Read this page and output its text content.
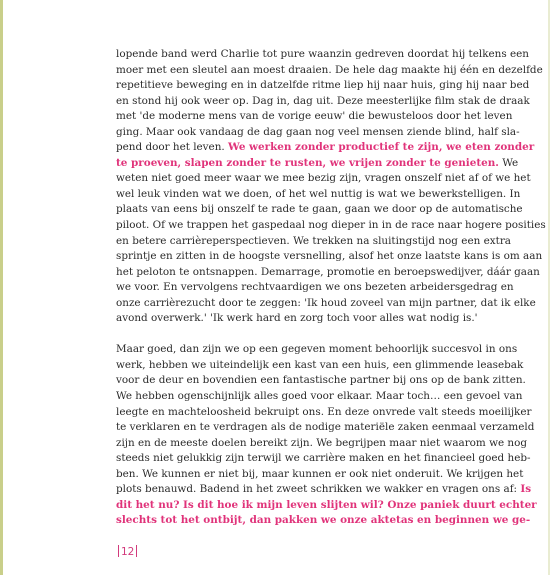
lopende band werd Charlie tot pure waanzin gedreven doordat hij telkens een
moer met een sleutel aan moest draaien. De hele dag maakte hij één en dezelfde
repetitieve beweging en in datzelfde ritme liep hij naar huis, ging hij naar bed
en stond hij ook weer op. Dag in, dag uit. Deze meesterlijke film stak de draak
met 'de moderne mens van de vorige eeuw' die bewusteloos door het leven
ging. Maar ook vandaag de dag gaan nog veel mensen ziende blind, half sla-
pend door het leven. We werken zonder productief te zijn, we eten zonder
te proeven, slapen zonder te rusten, we vrijen zonder te genieten. We
weten niet goed meer waar we mee bezig zijn, vragen onszelf niet af of we het
wel leuk vinden wat we doen, of het wel nuttig is wat we bewerkstelligen. In
plaats van eens bij onszelf te rade te gaan, gaan we door op de automatische
piloot. Of we trappen het gaspedaal nog dieper in in de race naar hogere posities
en betere carrièreperspectieven. We trekken na sluitingstijd nog een extra
sprintje en zitten in de hoogste versnelling, alsof het onze laatste kans is om aan
het peloton te ontsnappen. Demarrage, promotie en beroepswedijver, dáár gaan
we voor. En vervolgens rechtvaardigen we ons bezeten arbeidersgedrag en
onze carrièrezucht door te zeggen: 'Ik houd zoveel van mijn partner, dat ik elke
avond overwerk.' 'Ik werk hard en zorg toch voor alles wat nodig is.'
Maar goed, dan zijn we op een gegeven moment behoorlijk succesvol in ons
werk, hebben we uiteindelijk een kast van een huis, een glimmende leasebak
voor de deur en bovendien een fantastische partner bij ons op de bank zitten.
We hebben ogenschijnlijk alles goed voor elkaar. Maar toch… een gevoel van
leegte en machteloosheid bekruipt ons. En deze onvrede valt steeds moeilijker
te verklaren en te verdragen als de nodige materiële zaken eenmaal verzameld
zijn en de meeste doelen bereikt zijn. We begrijpen maar niet waarom we nog
steeds niet gelukkig zijn terwijl we carrière maken en het financieel goed heb-
ben. We kunnen er niet bij, maar kunnen er ook niet onderuit. We krijgen het
plots benauwd. Badend in het zweet schrikken we wakker en vragen ons af: Is
dit het nu? Is dit hoe ik mijn leven slijten wil? Onze paniek duurt echter
slechts tot het ontbijt, dan pakken we onze aktetas en beginnen we ge-
12
